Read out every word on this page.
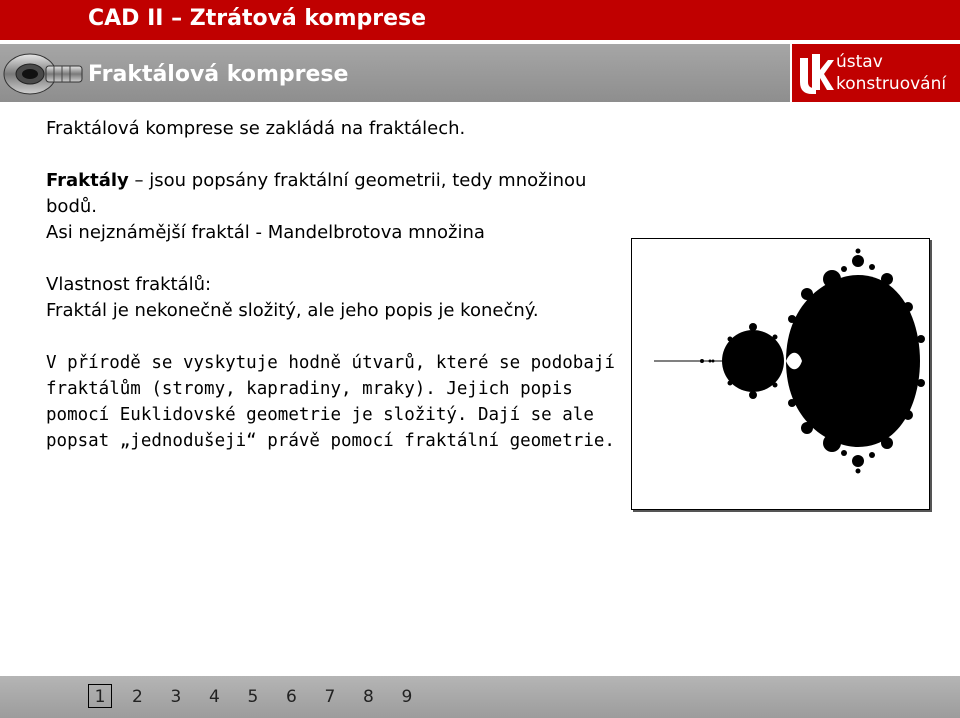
CAD II – Ztrátová komprese
Fraktálová komprese	ústav
konstruování

Fraktálová komprese se zakládá na fraktálech.

Fraktály – jsou popsány fraktální geometrii, tedy množinou bodů.

Asi nejznámější fraktál - Mandelbrotova množina

Vlastnost fraktálů:

Fraktál je nekonečně složitý, ale jeho popis je konečný.

V přírodě se vyskytuje hodně útvarů, které se podobají fraktálům (stromy, kapradiny, mraky). Jejich popis pomocí Euklidovské geometrie je složitý. Dají se ale popsat „jednodušeji“ právě pomocí fraktální geometrie.

1	2	3	4	5	6	7	8	9
